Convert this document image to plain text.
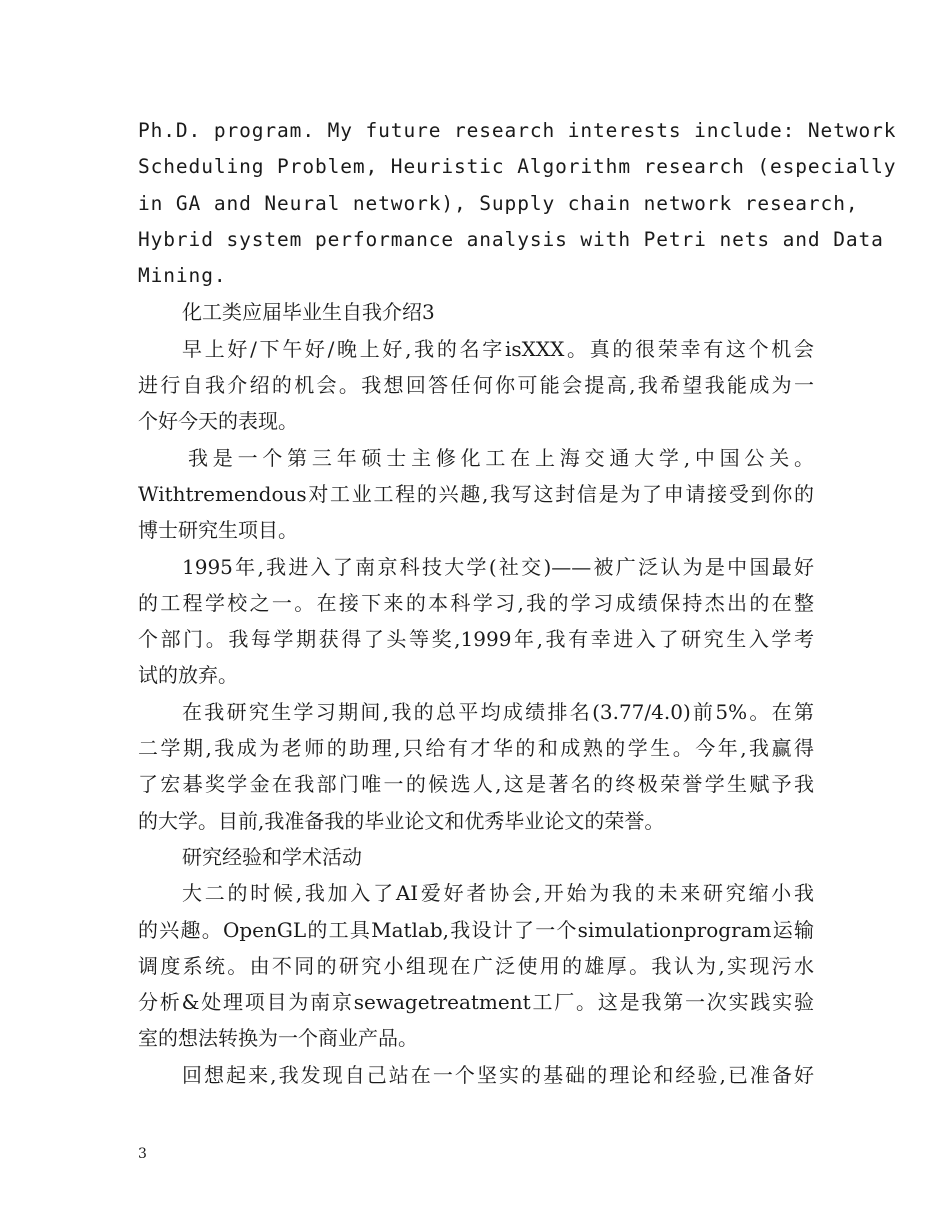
Ph.D. program. My future research interests include: Network
Scheduling Problem, Heuristic Algorithm research (especially
in GA and Neural network), Supply chain network research,
Hybrid system performance analysis with Petri nets and Data
Mining.
化工类应届毕业生自我介绍3
早上好/下午好/晚上好,我的名字isXXX。真的很荣幸有这个机会
进行自我介绍的机会。我想回答任何你可能会提高,我希望我能成为一
个好今天的表现。
我是一个第三年硕士主修化工在上海交通大学,中国公关。
Withtremendous对工业工程的兴趣,我写这封信是为了申请接受到你的
博士研究生项目。
1995年,我进入了南京科技大学(社交)——被广泛认为是中国最好
的工程学校之一。在接下来的本科学习,我的学习成绩保持杰出的在整
个部门。我每学期获得了头等奖,1999年,我有幸进入了研究生入学考
试的放弃。
在我研究生学习期间,我的总平均成绩排名(3.77/4.0)前5%。在第
二学期,我成为老师的助理,只给有才华的和成熟的学生。今年,我赢得
了宏碁奖学金在我部门唯一的候选人,这是著名的终极荣誉学生赋予我
的大学。目前,我准备我的毕业论文和优秀毕业论文的荣誉。
研究经验和学术活动
大二的时候,我加入了AI爱好者协会,开始为我的未来研究缩小我
的兴趣。OpenGL的工具Matlab,我设计了一个simulationprogram运输
调度系统。由不同的研究小组现在广泛使用的雄厚。我认为,实现污水
分析&处理项目为南京sewagetreatment工厂。这是我第一次实践实验
室的想法转换为一个商业产品。
回想起来,我发现自己站在一个坚实的基础的理论和经验,已准备好
3
